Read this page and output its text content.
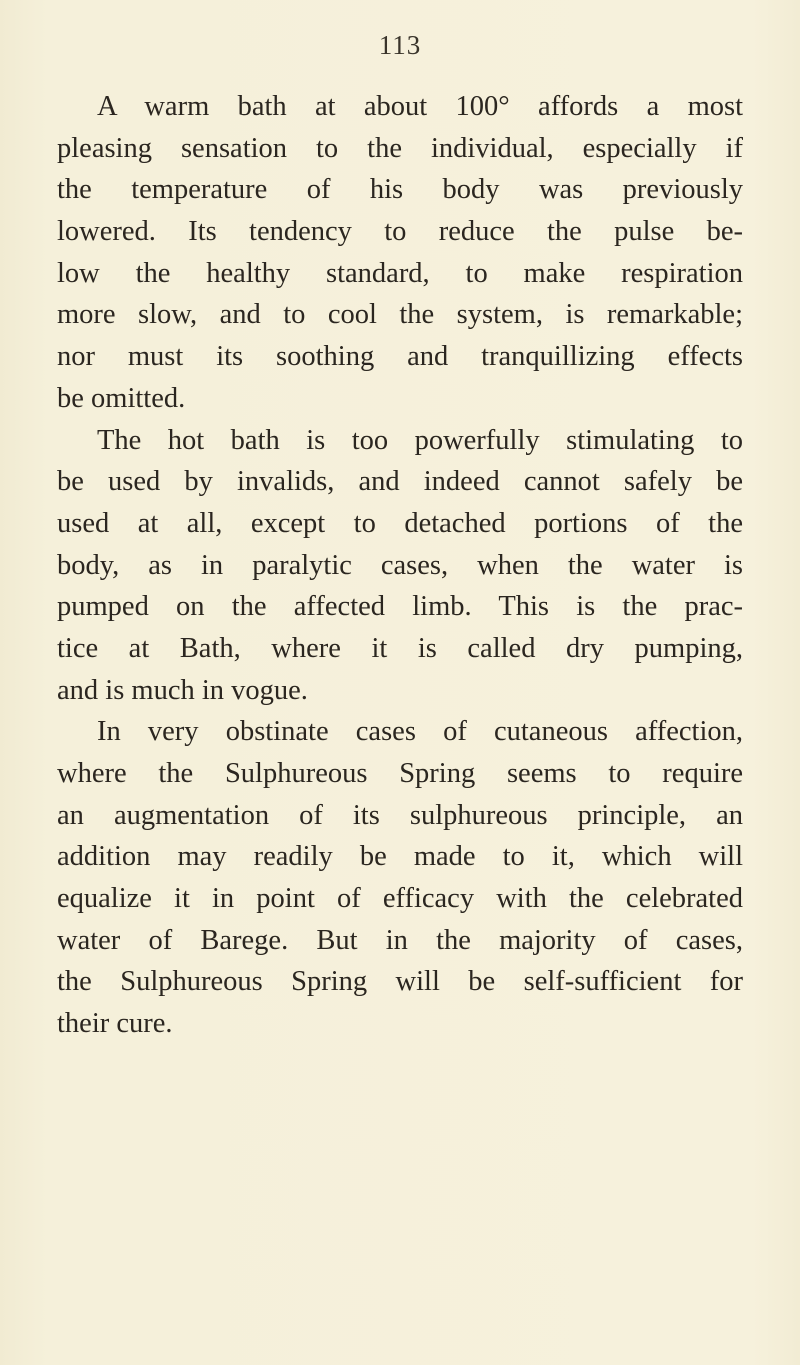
113
A warm bath at about 100° affords a most
pleasing sensation to the individual, especially if
the temperature of his body was previously
lowered. Its tendency to reduce the pulse be-
low the healthy standard, to make respiration
more slow, and to cool the system, is remarkable;
nor must its soothing and tranquillizing effects
be omitted.
The hot bath is too powerfully stimulating to
be used by invalids, and indeed cannot safely be
used at all, except to detached portions of the
body, as in paralytic cases, when the water is
pumped on the affected limb. This is the prac-
tice at Bath, where it is called dry pumping,
and is much in vogue.
In very obstinate cases of cutaneous affection,
where the Sulphureous Spring seems to require
an augmentation of its sulphureous principle, an
addition may readily be made to it, which will
equalize it in point of efficacy with the celebrated
water of Barege. But in the majority of cases,
the Sulphureous Spring will be self-sufficient for
their cure.
